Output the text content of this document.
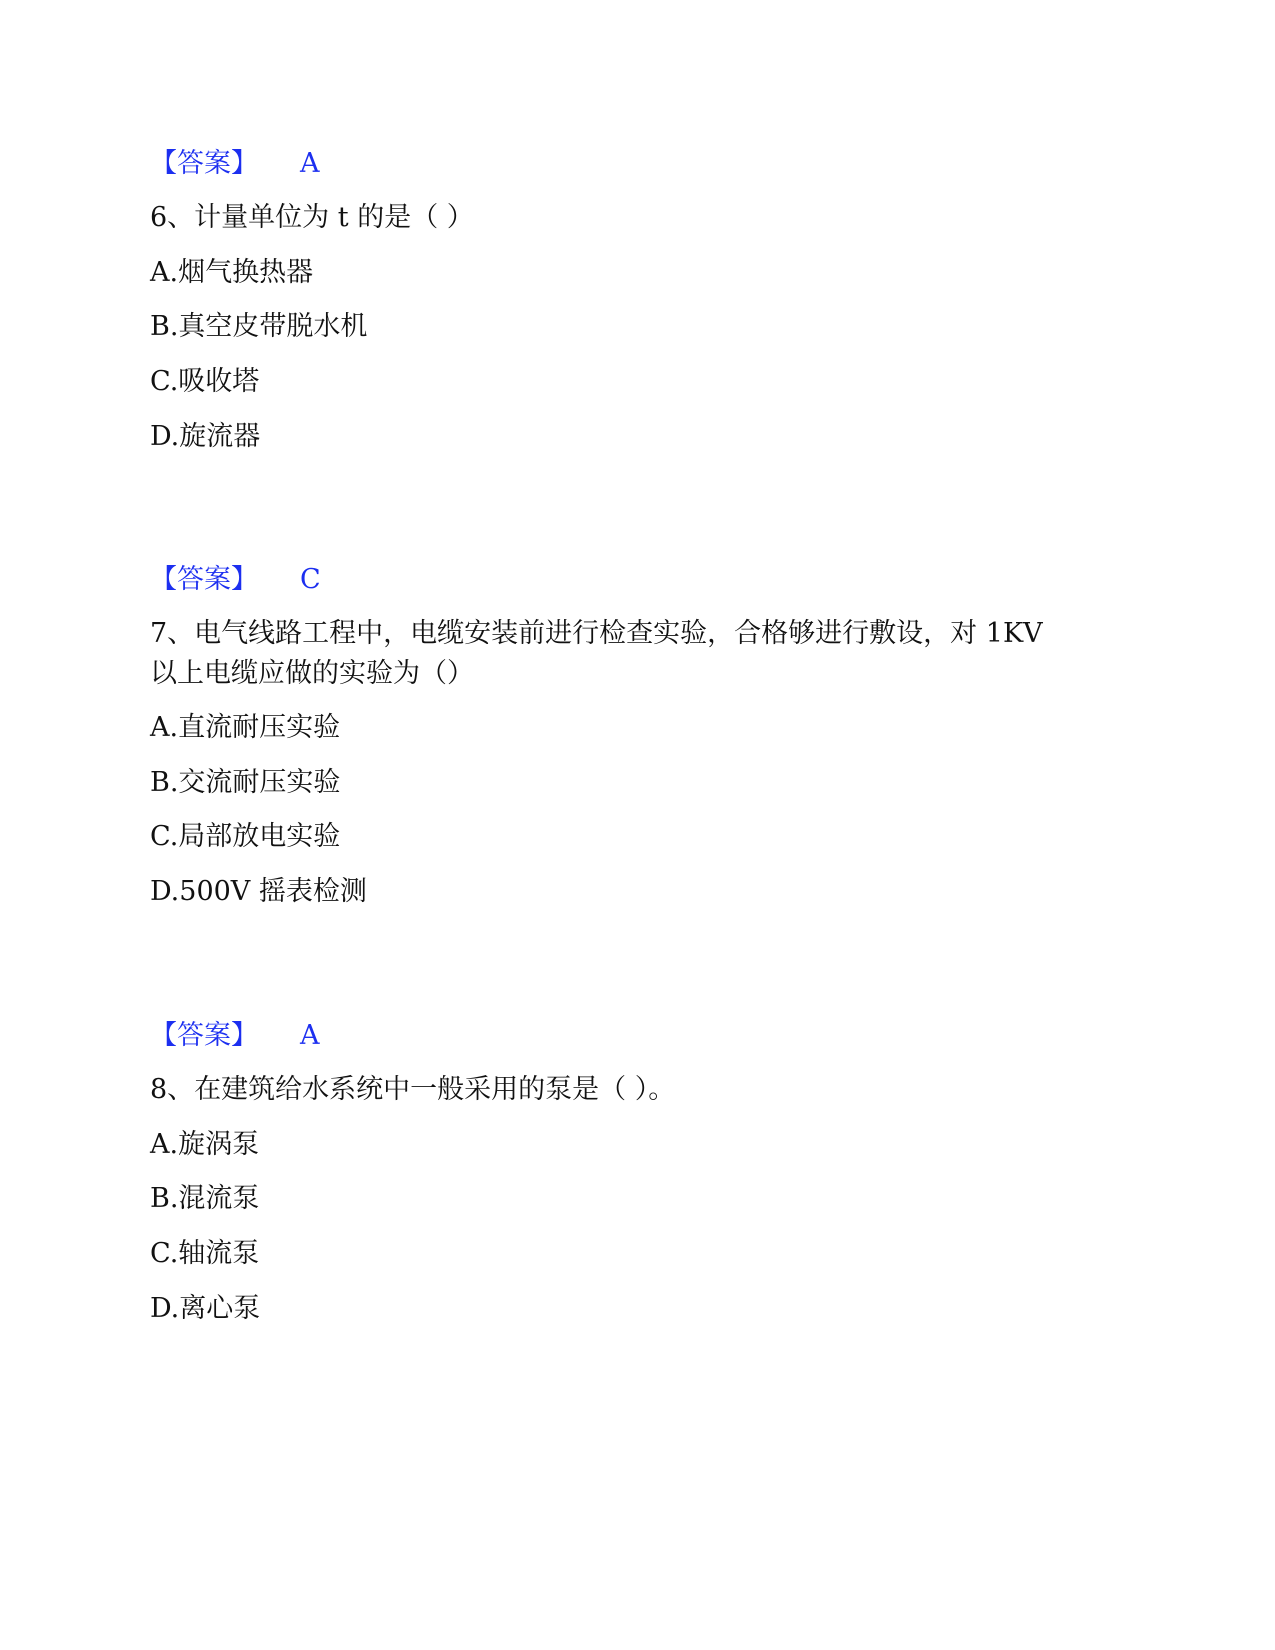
【答案】 A
6、计量单位为 t 的是（ ）
A.烟气换热器
B.真空皮带脱水机
C.吸收塔
D.旋流器
【答案】 C
7、电气线路工程中，电缆安装前进行检查实验，合格够进行敷设，对 1KV
以上电缆应做的实验为（）
A.直流耐压实验
B.交流耐压实验
C.局部放电实验
D.500V 摇表检测
【答案】 A
8、在建筑给水系统中一般采用的泵是（ ）。
A.旋涡泵
B.混流泵
C.轴流泵
D.离心泵
